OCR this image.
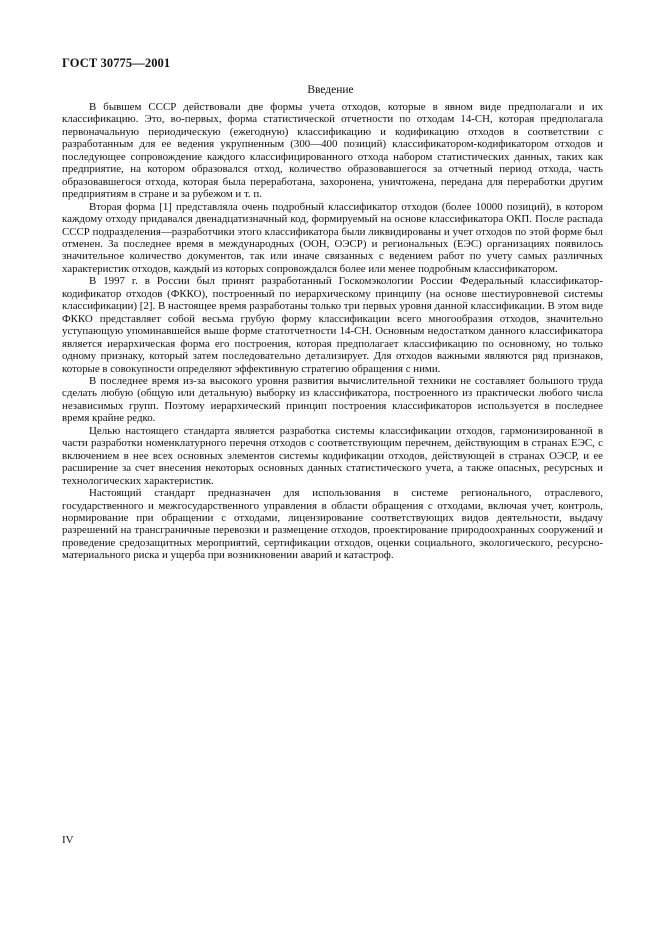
ГОСТ 30775—2001
Введение

В бывшем СССР действовали две формы учета отходов, которые в явном виде предполагали и их классификацию. Это, во-первых, форма статистической отчетности по отходам 14-СН, которая предполагала первоначальную периодическую (ежегодную) классификацию и кодификацию отходов в соответствии с разработанным для ее ведения укрупненным (300—400 позиций) классификатором-кодификатором отходов и последующее сопровождение каждого классифицированного отхода набором статистических данных, таких как предприятие, на котором образовался отход, количество образовавшегося за отчетный период отхода, часть образовавшегося отхода, которая была переработана, захоронена, уничтожена, передана для переработки другим предприятиям в стране и за рубежом и т. п.

Вторая форма [1] представляла очень подробный классификатор отходов (более 10000 позиций), в котором каждому отходу придавался двенадцатизначный код, формируемый на основе классификатора ОКП. После распада СССР подразделения—разработчики этого классификатора были ликвидированы и учет отходов по этой форме был отменен. За последнее время в международных (ООН, ОЭСР) и региональных (ЕЭС) организациях появилось значительное количество документов, так или иначе связанных с ведением работ по учету самых различных характеристик отходов, каждый из которых сопровождался более или менее подробным классификатором.

В 1997 г. в России был принят разработанный Госкомэкологии России Федеральный классификатор-кодификатор отходов (ФККО), построенный по иерархическому принципу (на основе шестиуровневой системы классификации) [2]. В настоящее время разработаны только три первых уровня данной классификации. В этом виде ФККО представляет собой весьма грубую форму классификации всего многообразия отходов, значительно уступающую упоминавшейся выше форме статотчетности 14-СН. Основным недостатком данного классификатора является иерархическая форма его построения, которая предполагает классификацию по основному, но только одному признаку, который затем последовательно детализирует. Для отходов важными являются ряд признаков, которые в совокупности определяют эффективную стратегию обращения с ними.

В последнее время из-за высокого уровня развития вычислительной техники не составляет большого труда сделать любую (общую или детальную) выборку из классификатора, построенного из практически любого числа независимых групп. Поэтому иерархический принцип построения классификаторов используется в последнее время крайне редко.

Целью настоящего стандарта является разработка системы классификации отходов, гармонизированной в части разработки номенклатурного перечня отходов с соответствующим перечнем, действующим в странах ЕЭС, с включением в нее всех основных элементов системы кодификации отходов, действующей в странах ОЭСР, и ее расширение за счет внесения некоторых основных данных статистического учета, а также опасных, ресурсных и технологических характеристик.

Настоящий стандарт предназначен для использования в системе регионального, отраслевого, государственного и межгосударственного управления в области обращения с отходами, включая учет, контроль, нормирование при обращении с отходами, лицензирование соответствующих видов деятельности, выдачу разрешений на трансграничные перевозки и размещение отходов, проектирование природоохранных сооружений и проведение средозащитных мероприятий, сертификации отходов, оценки социального, экологического, ресурсно-материального риска и ущерба при возникновении аварий и катастроф.

IV
